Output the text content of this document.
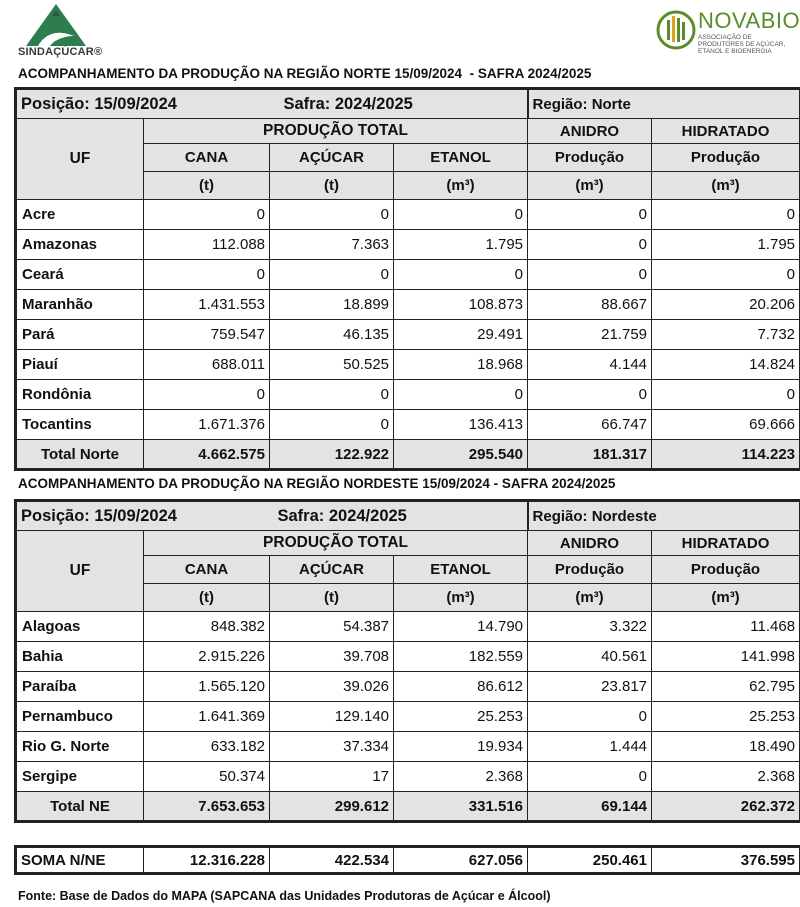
SINDAÇÚCAR®
NOVABIO
ASSOCIAÇÃO DE PRODUTORES DE AÇÚCAR, ETANOL E BIOENERGIA
ACOMPANHAMENTO DA PRODUÇÃO NA REGIÃO NORTE 15/09/2024  - SAFRA 2024/2025
Posição: 15/09/2024 Safra: 2024/2025				Região: Norte	
UF	PRODUÇÃO TOTAL			ANIDRO	HIDRATADO
	CANA	AÇÚCAR	ETANOL	Produção	Produção
	(t)	(t)	(m³)	(m³)	(m³)
Acre	0	0	0	0	0
Amazonas	112.088	7.363	1.795	0	1.795
Ceará	0	0	0	0	0
Maranhão	1.431.553	18.899	108.873	88.667	20.206
Pará	759.547	46.135	29.491	21.759	7.732
Piauí	688.011	50.525	18.968	4.144	14.824
Rondônia	0	0	0	0	0
Tocantins	1.671.376	0	136.413	66.747	69.666
Total Norte	4.662.575	122.922	295.540	181.317	114.223
ACOMPANHAMENTO DA PRODUÇÃO NA REGIÃO NORDESTE 15/09/2024 - SAFRA 2024/2025
Posição: 15/09/2024 Safra: 2024/2025				Região: Nordeste	
UF	PRODUÇÃO TOTAL			ANIDRO	HIDRATADO
	CANA	AÇÚCAR	ETANOL	Produção	Produção
	(t)	(t)	(m³)	(m³)	(m³)
Alagoas	848.382	54.387	14.790	3.322	11.468
Bahia	2.915.226	39.708	182.559	40.561	141.998
Paraíba	1.565.120	39.026	86.612	23.817	62.795
Pernambuco	1.641.369	129.140	25.253	0	25.253
Rio G. Norte	633.182	37.334	19.934	1.444	18.490
Sergipe	50.374	17	2.368	0	2.368
Total NE	7.653.653	299.612	331.516	69.144	262.372
SOMA N/NE	12.316.228	422.534	627.056	250.461	376.595
Fonte: Base de Dados do MAPA (SAPCANA das Unidades Produtoras de Açúcar e Álcool)
